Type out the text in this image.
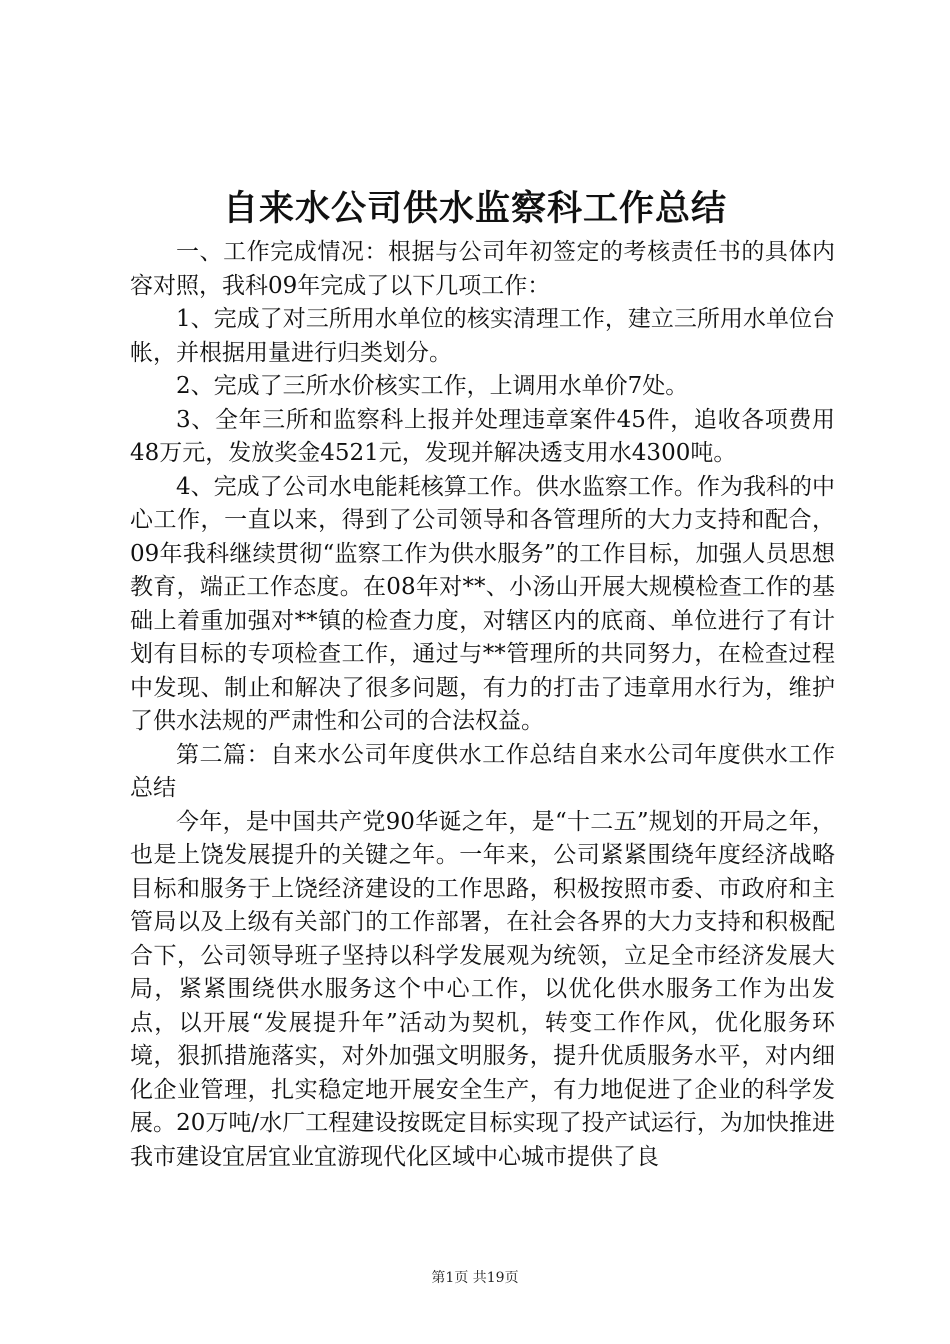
自来水公司供水监察科工作总结

一、工作完成情况：根据与公司年初签定的考核责任书的具体内容对照，我科09年完成了以下几项工作：

1、完成了对三所用水单位的核实清理工作，建立三所用水单位台帐，并根据用量进行归类划分。

2、完成了三所水价核实工作，上调用水单价7处。

3、全年三所和监察科上报并处理违章案件45件，追收各项费用48万元，发放奖金4521元，发现并解决透支用水4300吨。

4、完成了公司水电能耗核算工作。供水监察工作。作为我科的中心工作，一直以来，得到了公司领导和各管理所的大力支持和配合，09年我科继续贯彻“监察工作为供水服务”的工作目标，加强人员思想教育，端正工作态度。在08年对**、小汤山开展大规模检查工作的基础上着重加强对**镇的检查力度，对辖区内的底商、单位进行了有计划有目标的专项检查工作，通过与**管理所的共同努力，在检查过程中发现、制止和解决了很多问题，有力的打击了违章用水行为，维护了供水法规的严肃性和公司的合法权益。

第二篇：自来水公司年度供水工作总结自来水公司年度供水工作总结

今年，是中国共产党90华诞之年，是“十二五”规划的开局之年，也是上饶发展提升的关键之年。一年来，公司紧紧围绕年度经济战略目标和服务于上饶经济建设的工作思路，积极按照市委、市政府和主管局以及上级有关部门的工作部署，在社会各界的大力支持和积极配合下，公司领导班子坚持以科学发展观为统领，立足全市经济发展大局，紧紧围绕供水服务这个中心工作，以优化供水服务工作为出发点，以开展“发展提升年”活动为契机，转变工作作风，优化服务环境，狠抓措施落实，对外加强文明服务，提升优质服务水平，对内细化企业管理，扎实稳定地开展安全生产，有力地促进了企业的科学发展。20万吨/水厂工程建设按既定目标实现了投产试运行，为加快推进我市建设宜居宜业宜游现代化区域中心城市提供了良

第1页 共19页
